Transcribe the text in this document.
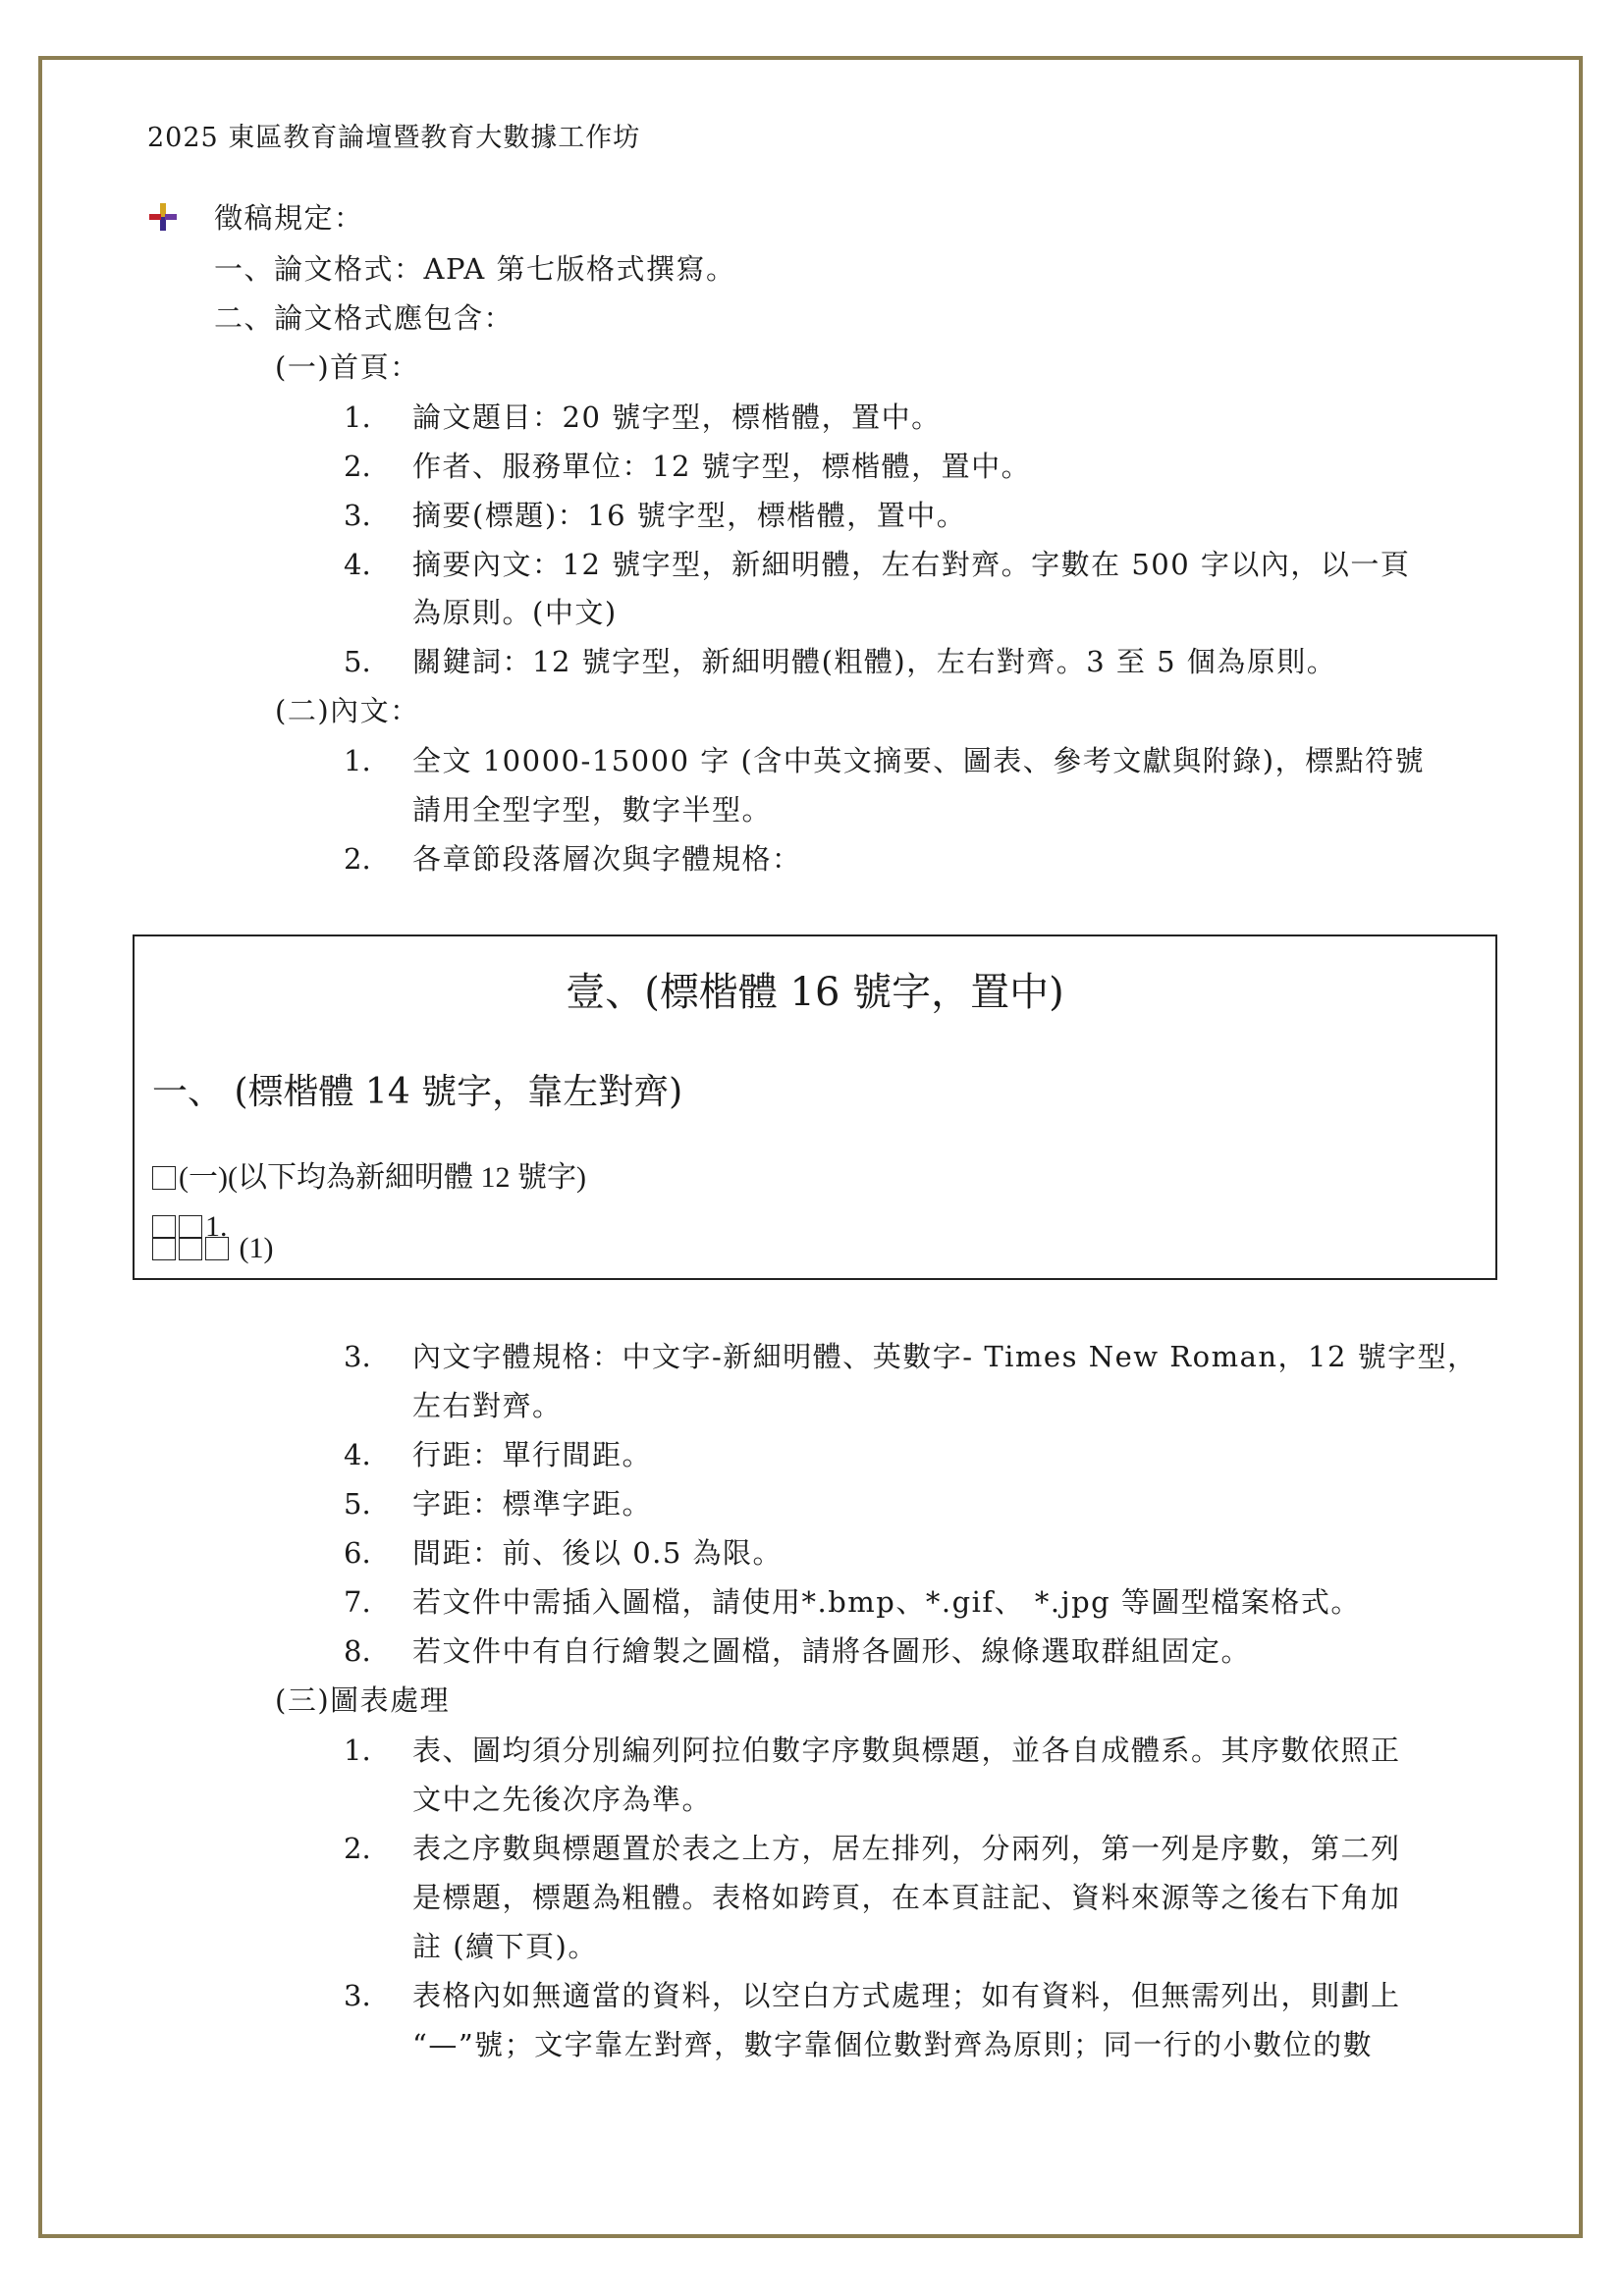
2025 東區教育論壇暨教育大數據工作坊
徵稿規定：
一、論文格式：APA 第七版格式撰寫。
二、論文格式應包含：
(一)首頁：
1. 論文題目：20 號字型，標楷體，置中。
2. 作者、服務單位：12 號字型，標楷體，置中。
3. 摘要(標題)：16 號字型，標楷體，置中。
4. 摘要內文：12 號字型，新細明體，左右對齊。字數在 500 字以內，以一頁
為原則。(中文)
5. 關鍵詞：12 號字型，新細明體(粗體)，左右對齊。3 至 5 個為原則。
(二)內文：
1. 全文 10000-15000 字 (含中英文摘要、圖表、參考文獻與附錄)，標點符號
請用全型字型，數字半型。
2. 各章節段落層次與字體規格：
壹、(標楷體 16 號字，置中)
一、 (標楷體 14 號字，靠左對齊)
(一)(以下均為新細明體 12 號字)
1.
(1)
3. 內文字體規格：中文字-新細明體、英數字- Times New Roman，12 號字型，
左右對齊。
4. 行距：單行間距。
5. 字距：標準字距。
6. 間距：前、後以 0.5 為限。
7. 若文件中需插入圖檔，請使用*.bmp、*.gif、 *.jpg 等圖型檔案格式。
8. 若文件中有自行繪製之圖檔，請將各圖形、線條選取群組固定。
(三)圖表處理
1. 表、圖均須分別編列阿拉伯數字序數與標題，並各自成體系。其序數依照正
文中之先後次序為準。
2. 表之序數與標題置於表之上方，居左排列，分兩列，第一列是序數，第二列
是標題，標題為粗體。表格如跨頁，在本頁註記、資料來源等之後右下角加
註 (續下頁)。
3. 表格內如無適當的資料，以空白方式處理；如有資料，但無需列出，則劃上
“—”號；文字靠左對齊，數字靠個位數對齊為原則；同一行的小數位的數
